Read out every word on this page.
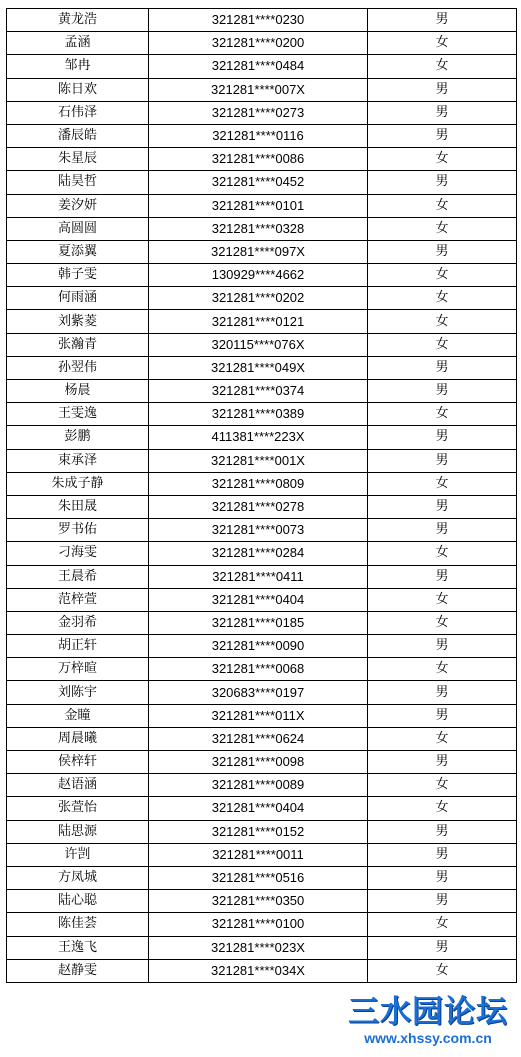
黄龙浩	321281****0230	男
孟涵	321281****0200	女
邹冉	321281****0484	女
陈日欢	321281****007X	男
石伟泽	321281****0273	男
潘辰皓	321281****0116	男
朱星辰	321281****0086	女
陆昊哲	321281****0452	男
姜汐妍	321281****0101	女
高圆圆	321281****0328	女
夏添翼	321281****097X	男
韩子雯	130929****4662	女
何雨涵	321281****0202	女
刘紫菱	321281****0121	女
张瀚青	320115****076X	女
孙翌伟	321281****049X	男
杨晨	321281****0374	男
王雯逸	321281****0389	女
彭鹏	411381****223X	男
束承泽	321281****001X	男
朱成子静	321281****0809	女
朱田晟	321281****0278	男
罗书佑	321281****0073	男
刁海雯	321281****0284	女
王晨希	321281****0411	男
范梓萱	321281****0404	女
金羽希	321281****0185	女
胡正轩	321281****0090	男
万梓暄	321281****0068	女
刘陈宇	320683****0197	男
金瞳	321281****011X	男
周晨曦	321281****0624	女
侯梓轩	321281****0098	男
赵语涵	321281****0089	女
张萱怡	321281****0404	女
陆思源	321281****0152	男
许剀	321281****0011	男
方凤城	321281****0516	男
陆心聪	321281****0350	男
陈佳荟	321281****0100	女
王逸飞	321281****023X	男
赵静雯	321281****034X	女
三水园论坛
www.xhssy.com.cn
